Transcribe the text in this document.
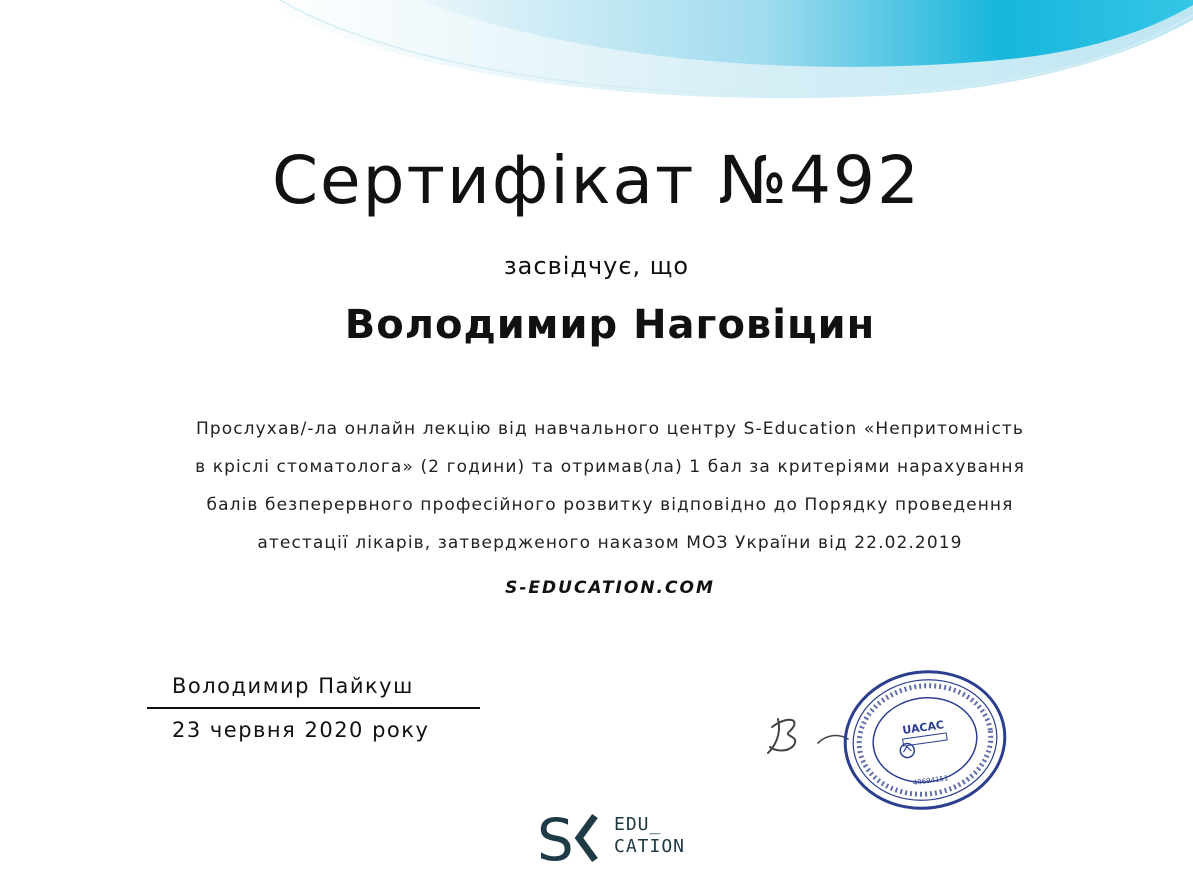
Сертифікат №492
засвідчує, що
Володимир Наговіцин
Прослухав/-ла онлайн лекцію від навчального центру S-Education «Непритомність
в кріслі стоматолога» (2 години) та отримав(ла) 1 бал за критеріями нарахування
балів безперервного професійного розвитку відповідно до Порядку проведення
атестації лікарів, затвердженого наказом МОЗ України від 22.02.2019
S-EDUCATION.COM
Володимир Пайкуш
23 червня 2020 року	UACAC
40694151
S EDU_
CATION
